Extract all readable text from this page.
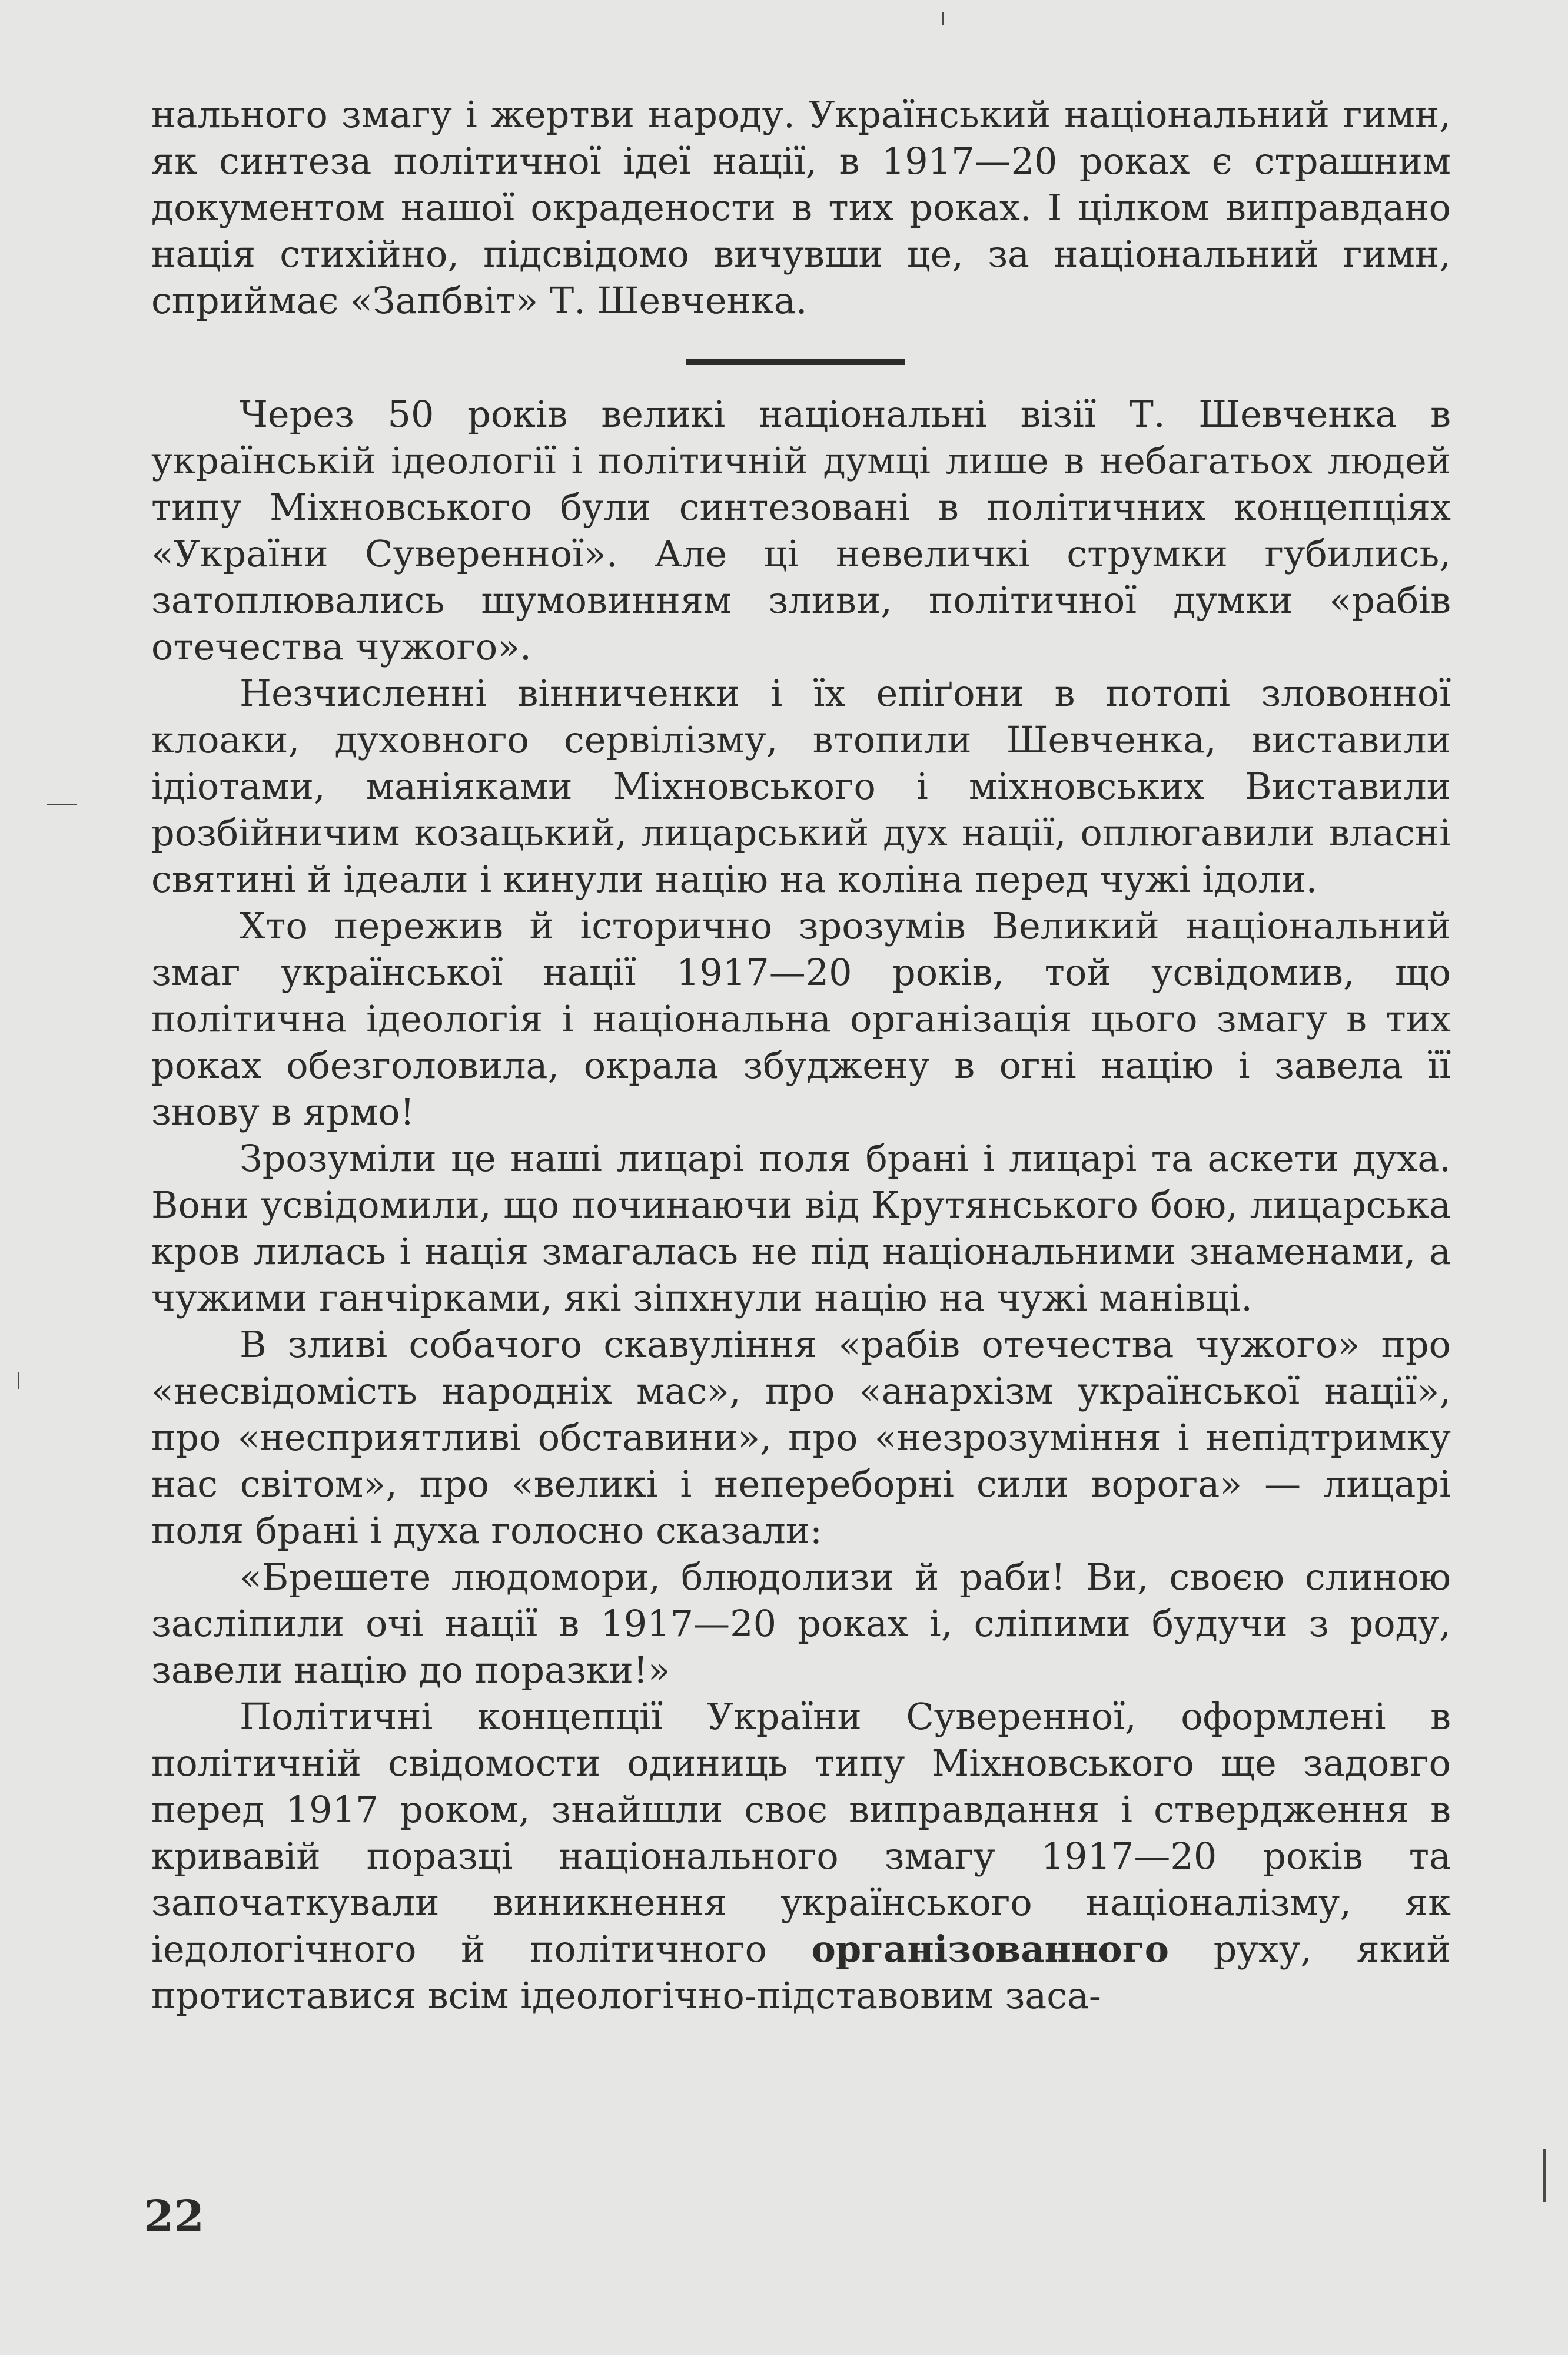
нального змагу і жертви народу. Український національний гимн, як синтеза політичної ідеї нації, в 1917—20 роках є страшним документом нашої окрадености в тих роках. І цілком виправдано нація стихійно, підсвідомо вичувши це, за національний гимн, сприймає «Запбвіт» Т. Шевченка.

Через 50 років великі національні візії Т. Шевченка в українській ідеології і політичній думці лише в небагатьох людей типу Міхновського були синтезовані в політичних концепціях «України Суверенної». Але ці невеличкі струмки губились, затоплювались шумовинням зливи, політичної думки «рабів отечества чужого».

Незчисленні вінниченки і їх епіґони в потопі зловонної клоаки, духовного сервілізму, втопили Шевченка, виставили ідіотами, маніяками Міхновського і міхновських Виставили розбійничим козацький, лицарський дух нації, оплюгавили власні святині й ідеали і кинули націю на коліна перед чужі ідоли.

Хто пережив й історично зрозумів Великий національний змаг української нації 1917—20 років, той усвідомив, що політична ідеологія і національна організація цього змагу в тих роках обезголовила, окрала збуджену в огні націю і завела її знову в ярмо!

Зрозуміли це наші лицарі поля брані і лицарі та аскети духа. Вони усвідомили, що починаючи від Крутянського бою, лицарська кров лилась і нація змагалась не під національними знаменами, а чужими ганчірками, які зіпхнули націю на чужі манівці.

В зливі собачого скавуління «рабів отечества чужого» про «несвідомість народніх мас», про «анархізм української нації», про «несприятливі обставини», про «незрозуміння і непідтримку нас світом», про «великі і непереборні сили ворога» — лицарі поля брані і духа голосно сказали:

«Брешете людомори, блюдолизи й раби! Ви, своєю слиною засліпили очі нації в 1917—20 роках і, сліпими будучи з роду, завели націю до поразки!»

Політичні концепції України Суверенної, оформлені в політичній свідомости одиниць типу Міхновського ще задовго перед 1917 роком, знайшли своє виправдання і ствердження в кривавій поразці національного змагу 1917—20 років та започаткували виникнення українського націоналізму, як іедологічного й політичного організованного руху, який протиставися всім ідеологічно-підставовим заса-

22
